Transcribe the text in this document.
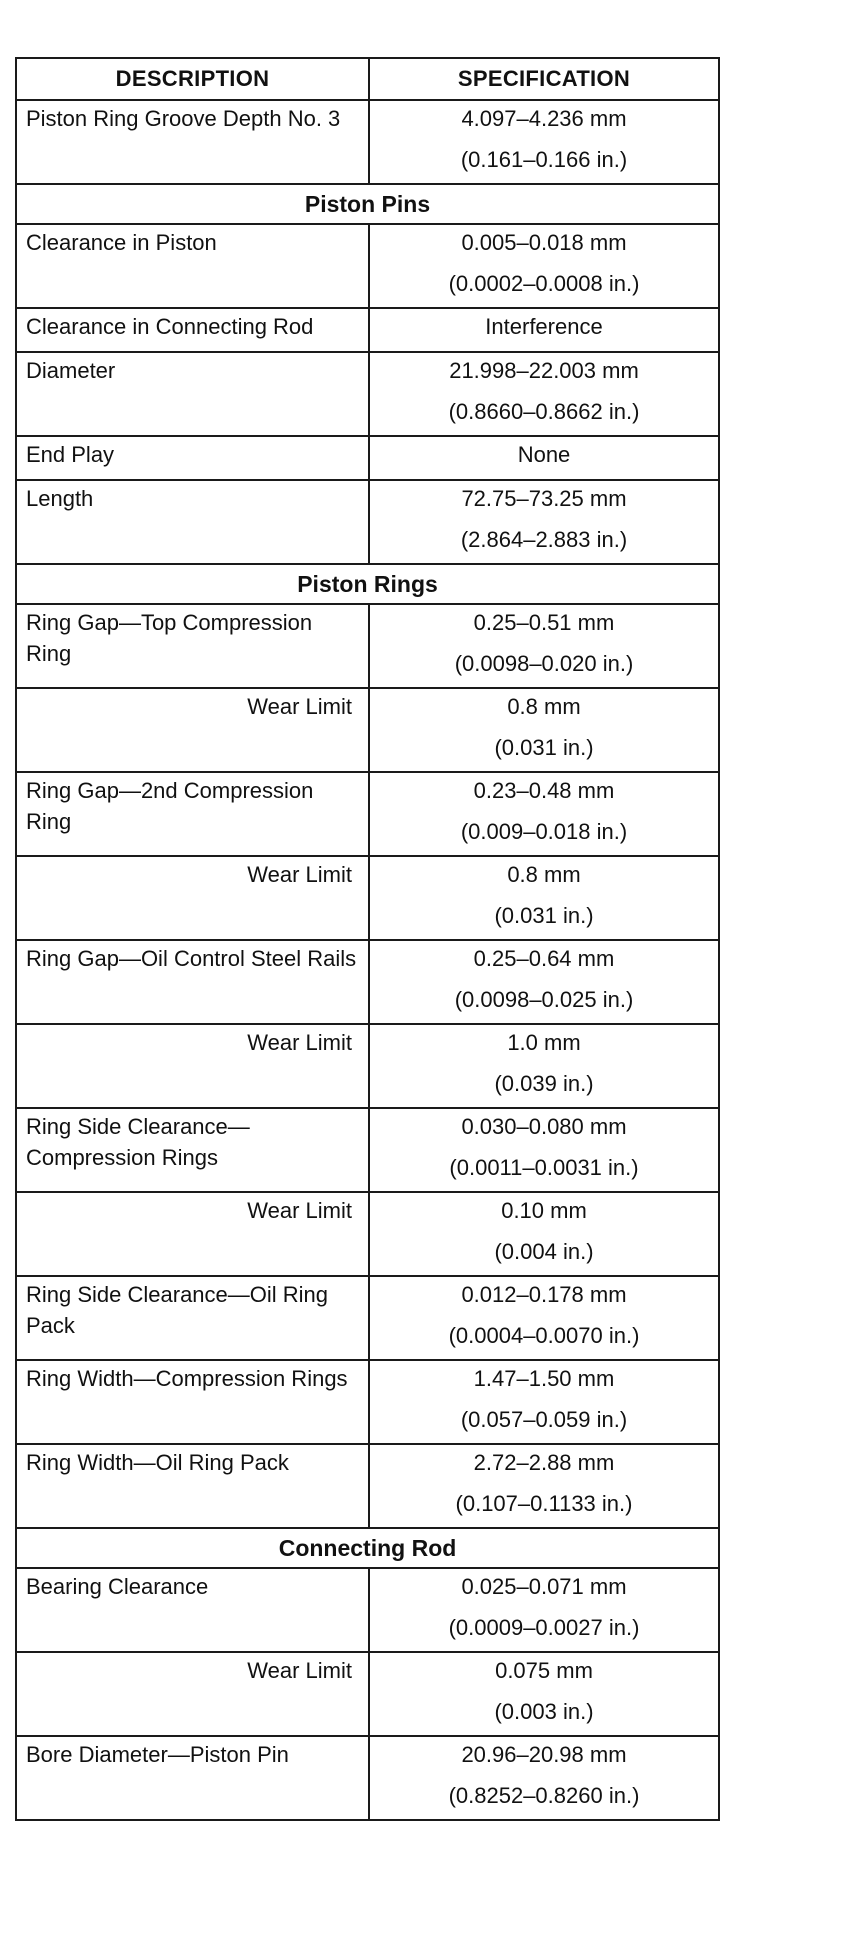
DESCRIPTION	SPECIFICATION
Piston Ring Groove Depth No. 3	4.097–4.236 mm
(0.161–0.166 in.)

Piston Pins	
Clearance in Piston	0.005–0.018 mm
(0.0002–0.0008 in.)

Clearance in Connecting Rod	Interference

Diameter	21.998–22.003 mm
(0.8660–0.8662 in.)

End Play	None

Length	72.75–73.25 mm
(2.864–2.883 in.)

Piston Rings	
Ring Gap—Top Compression Ring	0.25–0.51 mm
(0.0098–0.020 in.)

Wear Limit	0.8 mm
(0.031 in.)

Ring Gap—2nd Compression Ring	0.23–0.48 mm
(0.009–0.018 in.)

Wear Limit	0.8 mm
(0.031 in.)

Ring Gap—Oil Control Steel Rails	0.25–0.64 mm
(0.0098–0.025 in.)

Wear Limit	1.0 mm
(0.039 in.)

Ring Side Clearance—Compression Rings	0.030–0.080 mm
(0.0011–0.0031 in.)

Wear Limit	0.10 mm
(0.004 in.)

Ring Side Clearance—Oil Ring Pack	0.012–0.178 mm
(0.0004–0.0070 in.)

Ring Width—Compression Rings	1.47–1.50 mm
(0.057–0.059 in.)

Ring Width—Oil Ring Pack	2.72–2.88 mm
(0.107–0.1133 in.)

Connecting Rod	
Bearing Clearance	0.025–0.071 mm
(0.0009–0.0027 in.)

Wear Limit	0.075 mm
(0.003 in.)

Bore Diameter—Piston Pin	20.96–20.98 mm
(0.8252–0.8260 in.)
